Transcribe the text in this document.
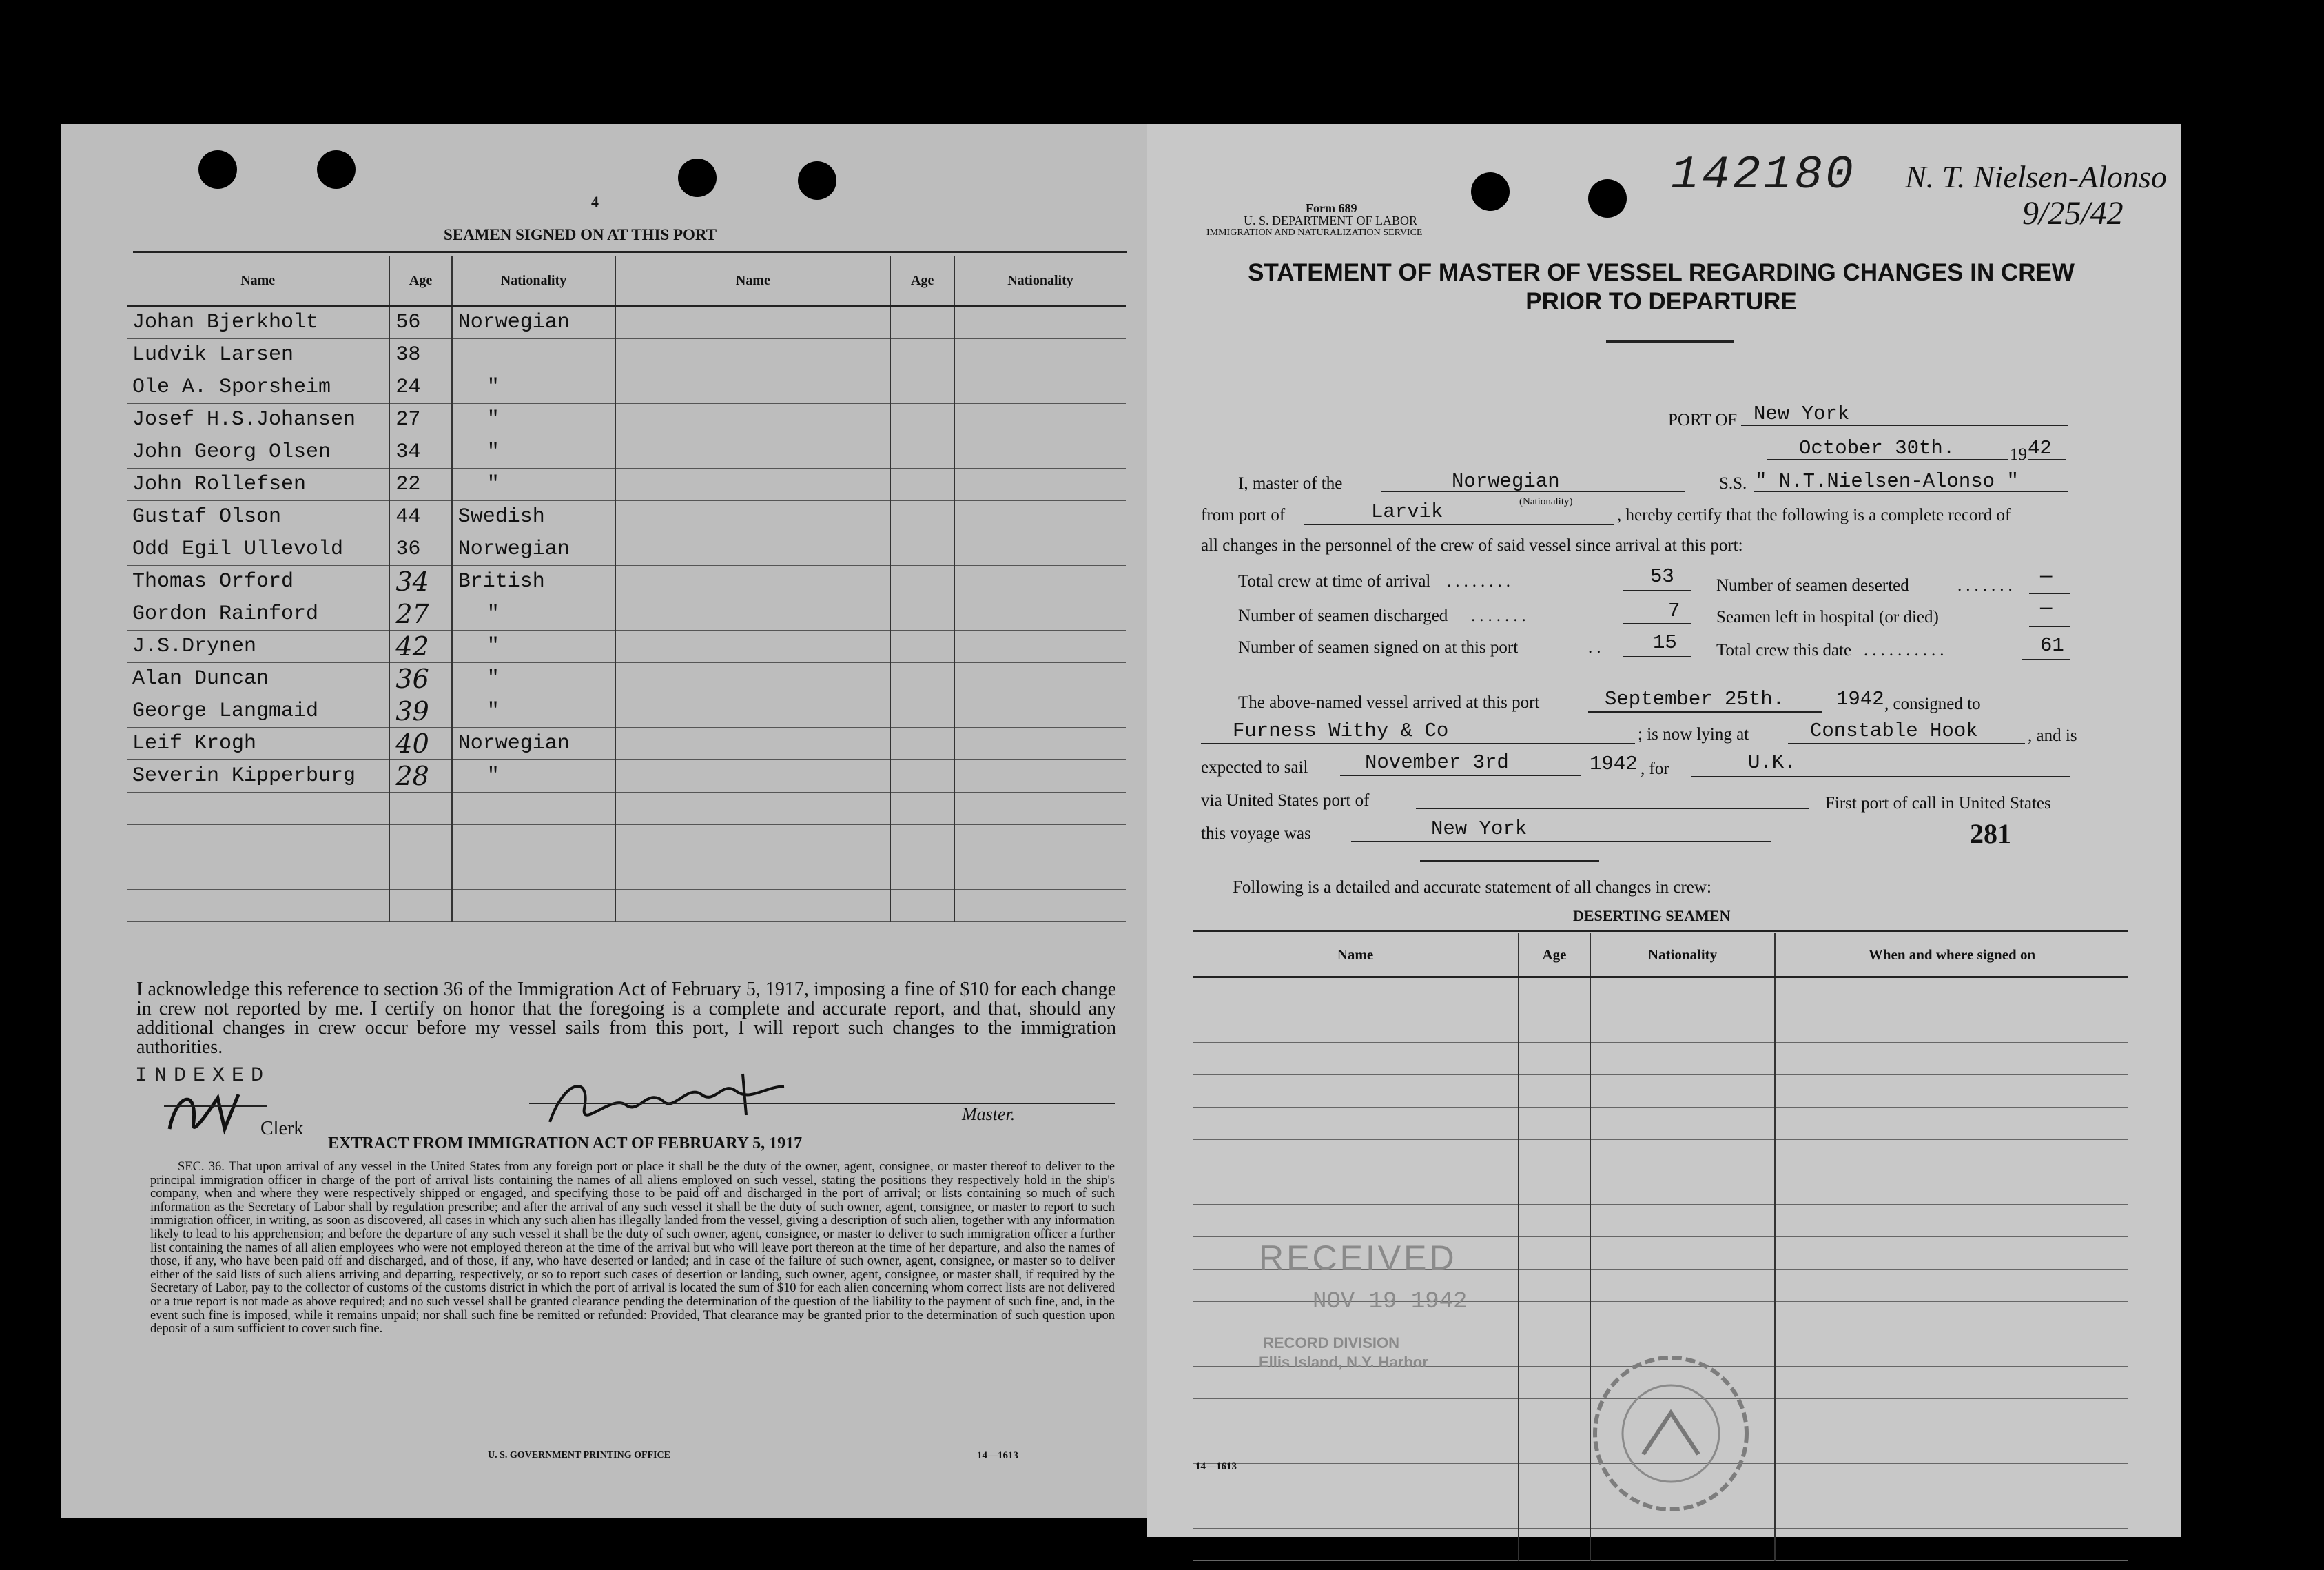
4
SEAMEN SIGNED ON AT THIS PORT
Name	Age	Nationality	Name	Age	Nationality
Johan Bjerkholt	56	Norwegian			
Ludvik Larsen	38				
Ole A. Sporsheim	24	"			
Josef H.S.Johansen	27	"			
John Georg Olsen	34	"			
John Rollefsen	22	"			
Gustaf Olson	44	Swedish			
Odd Egil Ullevold	36	Norwegian			
Thomas Orford	34	British			
Gordon Rainford	27	"			
J.S.Drynen	42	"			
Alan Duncan	36	"			
George Langmaid	39	"			
Leif Krogh	40	Norwegian			
Severin Kipperburg	28	"			

I acknowledge this reference to section 36 of the Immigration Act of February 5, 1917, imposing a fine of $10 for each change in crew not reported by me. I certify on honor that the foregoing is a complete and accurate report, and that, should any additional changes in crew occur before my vessel sails from this port, I will report such changes to the immigration authorities.
INDEXED
Clerk
Master.
EXTRACT FROM IMMIGRATION ACT OF FEBRUARY 5, 1917
SEC. 36. That upon arrival of any vessel in the United States from any foreign port or place it shall be the duty of the owner, agent, consignee, or master thereof to deliver to the principal immigration officer in charge of the port of arrival lists containing the names of all aliens employed on such vessel, stating the positions they respectively hold in the ship's company, when and where they were respectively shipped or engaged, and specifying those to be paid off and discharged in the port of arrival; or lists containing so much of such information as the Secretary of Labor shall by regulation prescribe; and after the arrival of any such vessel it shall be the duty of such owner, agent, consignee, or master to report to such immigration officer, in writing, as soon as discovered, all cases in which any such alien has illegally landed from the vessel, giving a description of such alien, together with any information likely to lead to his apprehension; and before the departure of any such vessel it shall be the duty of such owner, agent, consignee, or master to deliver to such immigration officer a further list containing the names of all alien employees who were not employed thereon at the time of the arrival but who will leave port thereon at the time of her departure, and also the names of those, if any, who have been paid off and discharged, and of those, if any, who have deserted or landed; and in case of the failure of such owner, agent, consignee, or master so to deliver either of the said lists of such aliens arriving and departing, respectively, or so to report such cases of desertion or landing, such owner, agent, consignee, or master shall, if required by the Secretary of Labor, pay to the collector of customs of the customs district in which the port of arrival is located the sum of $10 for each alien concerning whom correct lists are not delivered or a true report is not made as above required; and no such vessel shall be granted clearance pending the determination of the question of the liability to the payment of such fine, and, in the event such fine is imposed, while it remains unpaid; nor shall such fine be remitted or refunded: Provided, That clearance may be granted prior to the determination of such question upon deposit of a sum sufficient to cover such fine.
U. S. GOVERNMENT PRINTING OFFICE	14—1613
142180 N. T. Nielsen-Alonso
9/25/42
Form 689
U. S. DEPARTMENT OF LABOR
IMMIGRATION AND NATURALIZATION SERVICE
STATEMENT OF MASTER OF VESSEL REGARDING CHANGES IN CREW
PRIOR TO DEPARTURE
PORT OF New York
October 30th.	19 42
I, master of the	Norwegian
(Nationality)
S.S. " N.T.Nielsen-Alonso "
from port of	Larvik	, hereby certify that the following is a complete record of
all changes in the personnel of the crew of said vessel since arrival at this port:
Total crew at time of arrival ........	53 Number of seamen deserted	....... —
Number of seamen discharged .......	7 Seamen left in hospital (or died)	—
Number of seamen signed on at this port	.. 15 Total crew this date ..........	61
The above-named vessel arrived at this port	September 25th.	1942 , consigned to
Furness Withy & Co	; is now lying at	Constable Hook	, and is
expected to sail	November 3rd	1942 , for	U.K.
via United States port of	First port of call in United States
this voyage was	New York	281
Following is a detailed and accurate statement of all changes in crew:
DESERTING SEAMEN
Name	Age	Nationality	When and where signed on

RECEIVED
NOV 19 1942
RECORD DIVISION
Ellis Island, N.Y. Harbor
14—1613
